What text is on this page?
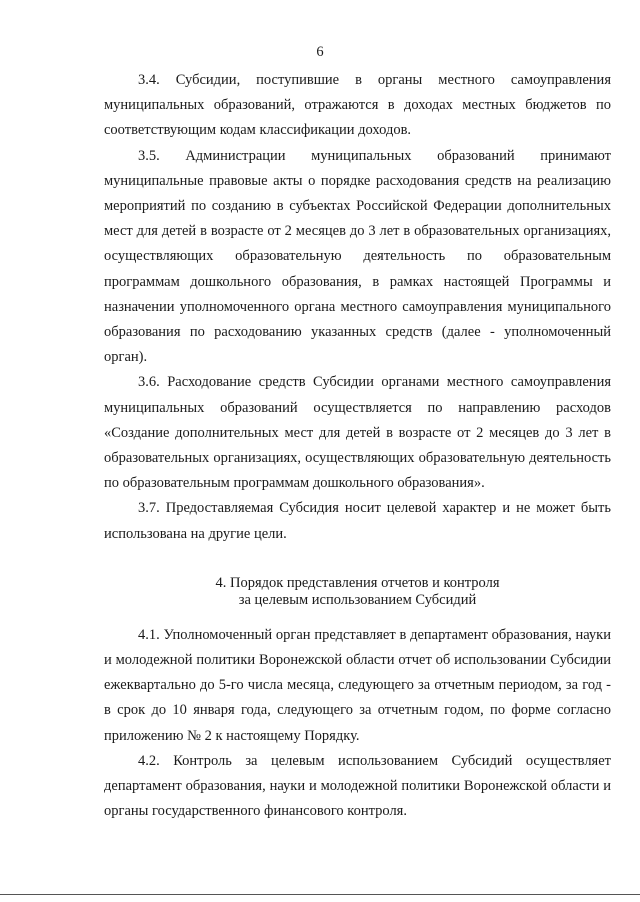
6

3.4. Субсидии, поступившие в органы местного самоуправления муниципальных образований, отражаются в доходах местных бюджетов по соответствующим кодам классификации доходов.

3.5. Администрации муниципальных образований принимают муниципальные правовые акты о порядке расходования средств на реализацию мероприятий по созданию в субъектах Российской Федерации дополнительных мест для детей в возрасте от 2 месяцев до 3 лет в образовательных организациях, осуществляющих образовательную деятельность по образовательным программам дошкольного образования, в рамках настоящей Программы и назначении уполномоченного органа местного самоуправления муниципального образования по расходованию указанных средств (далее - уполномоченный орган).

3.6. Расходование средств Субсидии органами местного самоуправления муниципальных образований осуществляется по направлению расходов «Создание дополнительных мест для детей в возрасте от 2 месяцев до 3 лет в образовательных организациях, осуществляющих образовательную деятельность по образовательным программам дошкольного образования».

3.7. Предоставляемая Субсидия носит целевой характер и не может быть использована на другие цели.

4. Порядок представления отчетов и контроля
за целевым использованием Субсидий

4.1. Уполномоченный орган представляет в департамент образования, науки и молодежной политики Воронежской области отчет об использовании Субсидии ежеквартально до 5-го числа месяца, следующего за отчетным периодом, за год - в срок до 10 января года, следующего за отчетным годом, по форме согласно приложению № 2 к настоящему Порядку.

4.2. Контроль за целевым использованием Субсидий осуществляет департамент образования, науки и молодежной политики Воронежской области и органы государственного финансового контроля.
